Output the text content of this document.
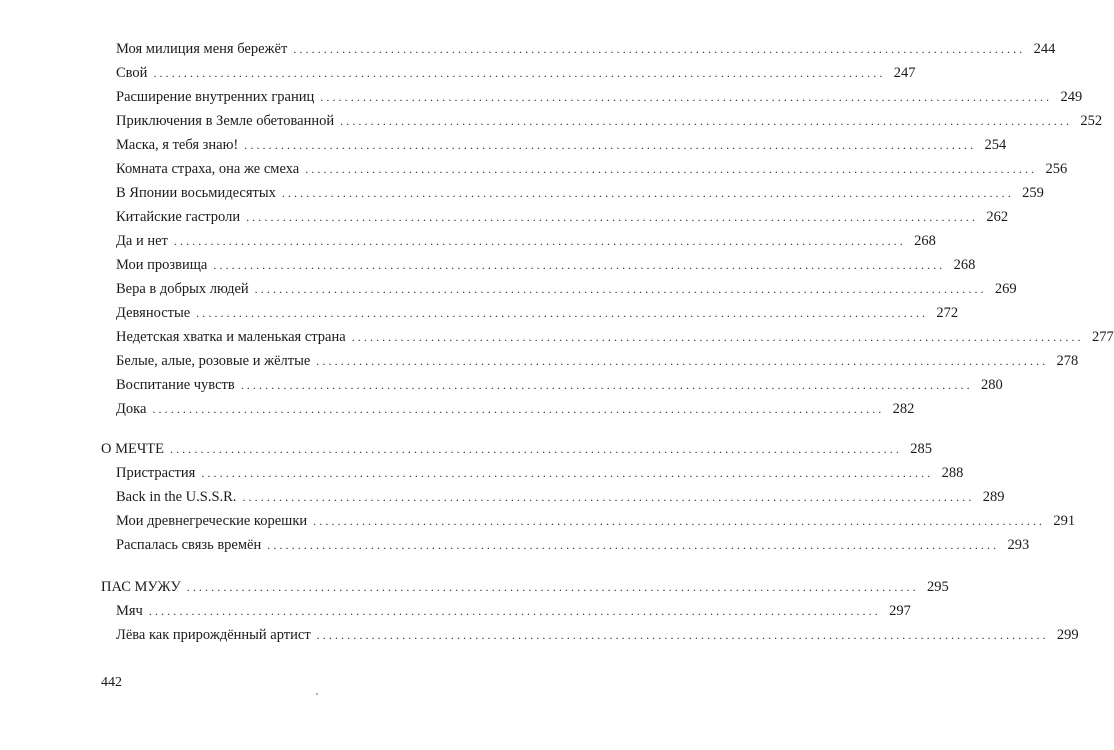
Моя милиция меня бережёт ........................................................................................................................ 244
Свой ........................................................................................................................ 247
Расширение внутренних границ ........................................................................................................................ 249
Приключения в Земле обетованной ........................................................................................................................ 252
Маска, я тебя знаю! ........................................................................................................................ 254
Комната страха, она же смеха ........................................................................................................................ 256
В Японии восьмидесятых ........................................................................................................................ 259
Китайские гастроли ........................................................................................................................ 262
Да и нет ........................................................................................................................ 268
Мои прозвища ........................................................................................................................ 268
Вера в добрых людей ........................................................................................................................ 269
Девяностые ........................................................................................................................ 272
Недетская хватка и маленькая страна ........................................................................................................................ 277
Белые, алые, розовые и жёлтые ........................................................................................................................ 278
Воспитание чувств ........................................................................................................................ 280
Дока ........................................................................................................................ 282
О МЕЧТЕ ........................................................................................................................ 285
Пристрастия ........................................................................................................................ 288
Back in the U.S.S.R. ........................................................................................................................ 289
Мои древнегреческие корешки ........................................................................................................................ 291
Распалась связь времён ........................................................................................................................ 293
ПАС МУЖУ ........................................................................................................................ 295
Мяч ........................................................................................................................ 297
Лёва как прирождённый артист ........................................................................................................................ 299
442
